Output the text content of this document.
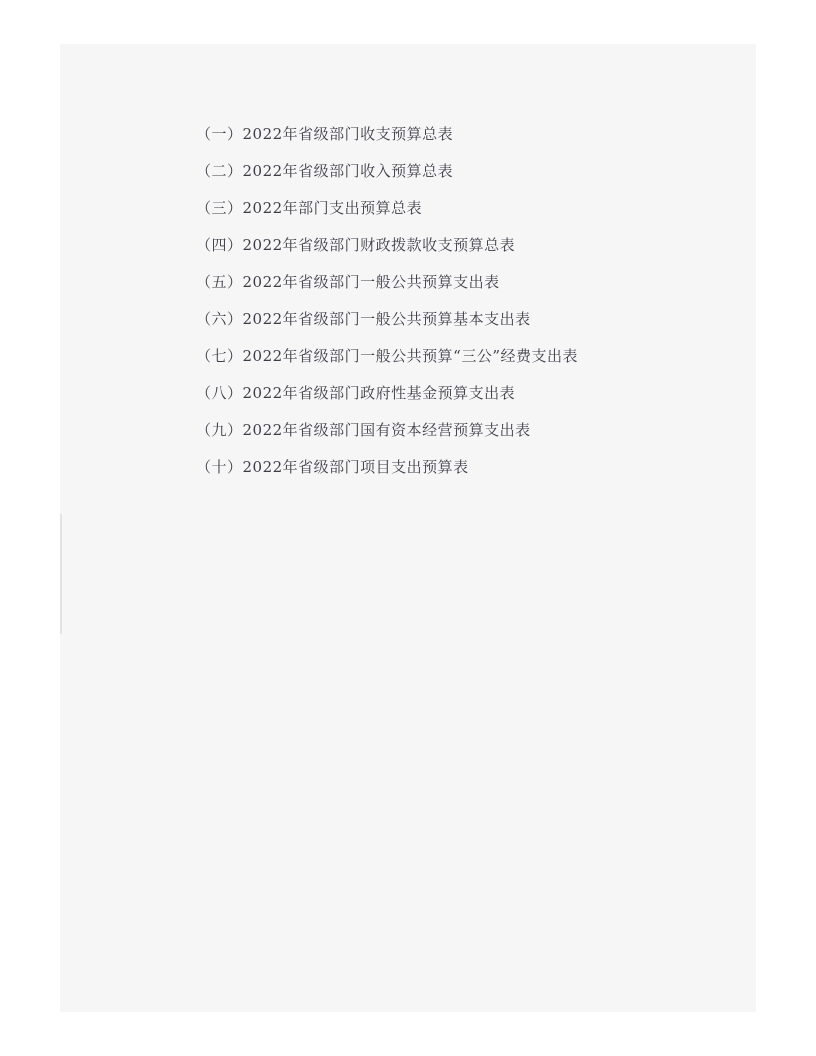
（一）2022年省级部门收支预算总表
（二）2022年省级部门收入预算总表
（三）2022年部门支出预算总表
（四）2022年省级部门财政拨款收支预算总表
（五）2022年省级部门一般公共预算支出表
（六）2022年省级部门一般公共预算基本支出表
（七）2022年省级部门一般公共预算“三公”经费支出表
（八）2022年省级部门政府性基金预算支出表
（九）2022年省级部门国有资本经营预算支出表
（十）2022年省级部门项目支出预算表
